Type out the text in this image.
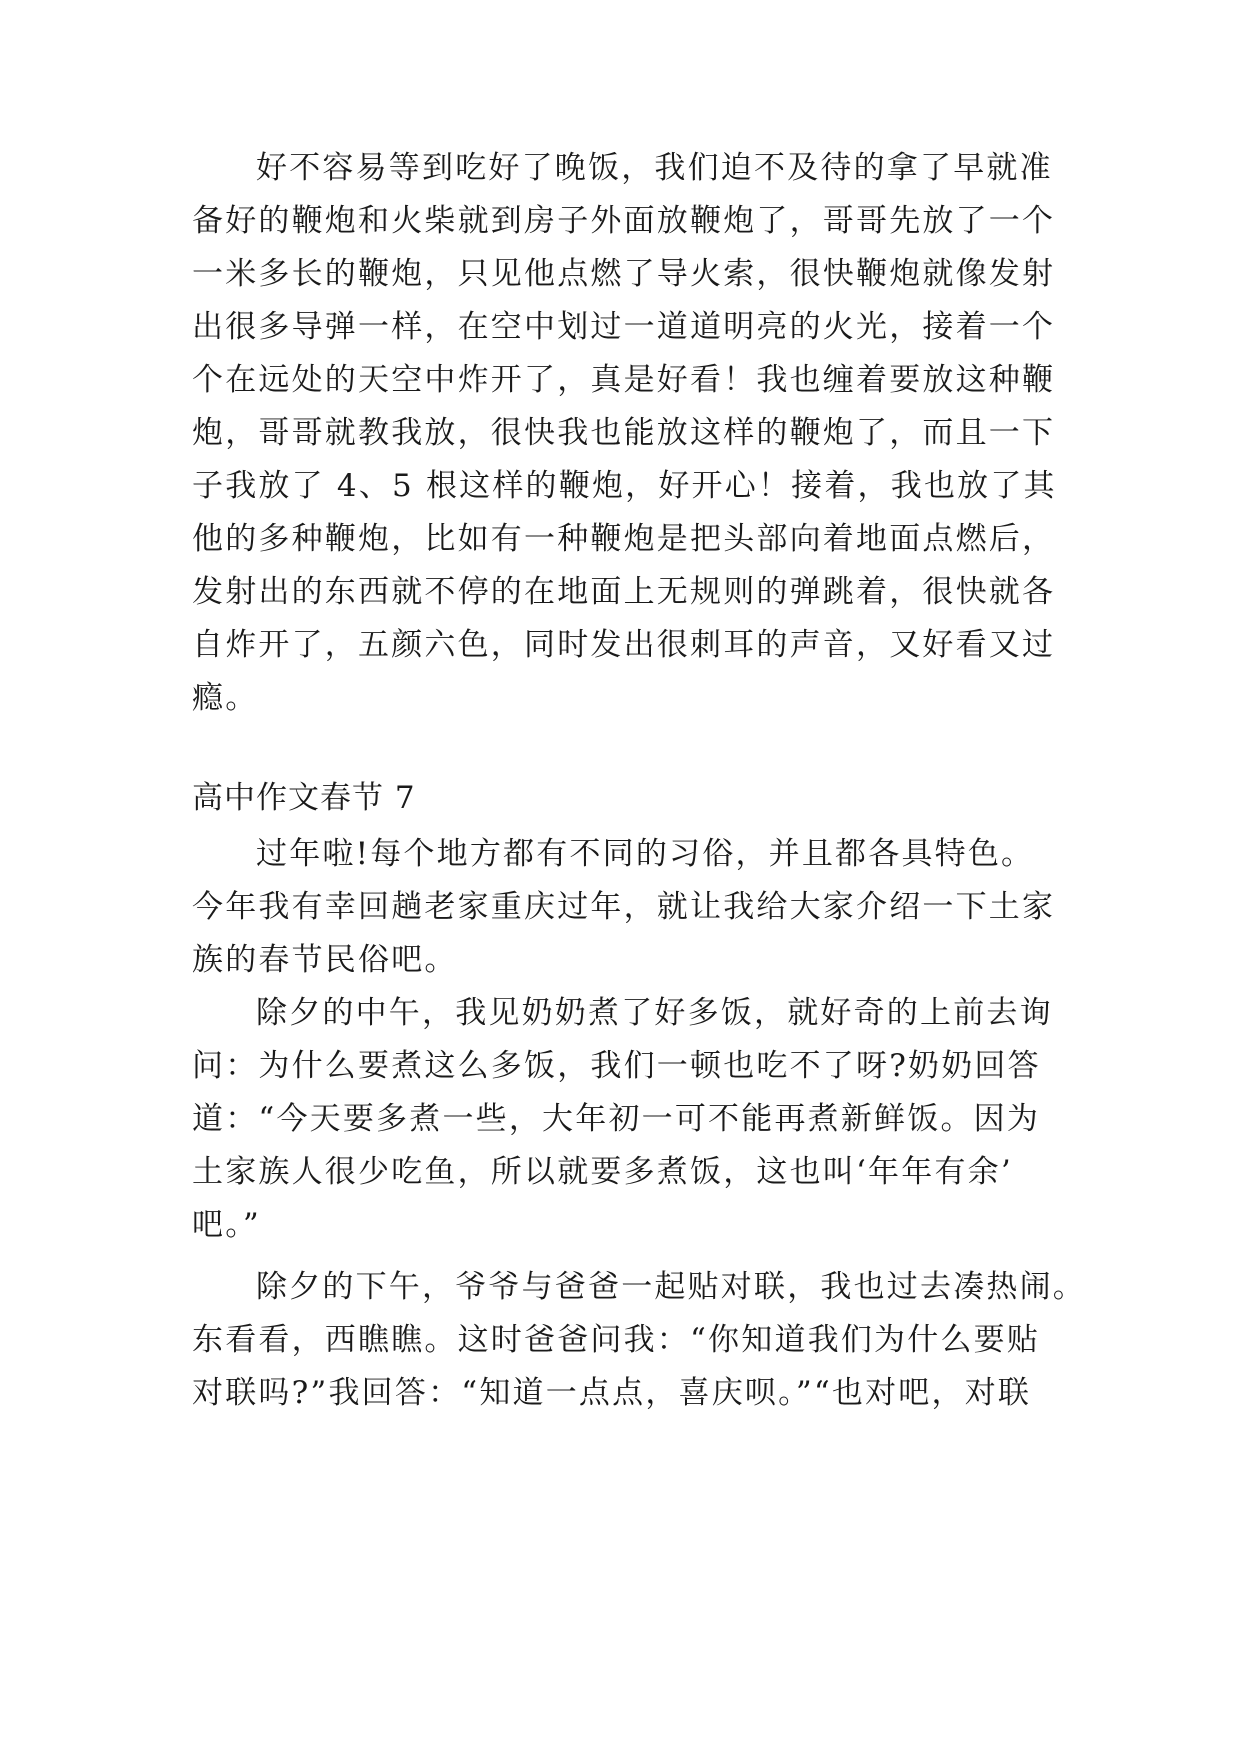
好不容易等到吃好了晚饭，我们迫不及待的拿了早就准
备好的鞭炮和火柴就到房子外面放鞭炮了，哥哥先放了一个
一米多长的鞭炮，只见他点燃了导火索，很快鞭炮就像发射
出很多导弹一样，在空中划过一道道明亮的火光，接着一个
个在远处的天空中炸开了，真是好看！我也缠着要放这种鞭
炮，哥哥就教我放，很快我也能放这样的鞭炮了，而且一下
子我放了 4、5 根这样的鞭炮，好开心！接着，我也放了其
他的多种鞭炮，比如有一种鞭炮是把头部向着地面点燃后，
发射出的东西就不停的在地面上无规则的弹跳着，很快就各
自炸开了，五颜六色，同时发出很刺耳的声音，又好看又过
瘾。
高中作文春节 7
过年啦!每个地方都有不同的习俗，并且都各具特色。
今年我有幸回趟老家重庆过年，就让我给大家介绍一下土家
族的春节民俗吧。
除夕的中午，我见奶奶煮了好多饭，就好奇的上前去询
问：为什么要煮这么多饭，我们一顿也吃不了呀?奶奶回答
道：“今天要多煮一些，大年初一可不能再煮新鲜饭。因为
土家族人很少吃鱼，所以就要多煮饭，这也叫‘年年有余’
吧。”
除夕的下午，爷爷与爸爸一起贴对联，我也过去凑热闹。
东看看，西瞧瞧。这时爸爸问我：“你知道我们为什么要贴
对联吗?”我回答：“知道一点点，喜庆呗。”“也对吧，对联
